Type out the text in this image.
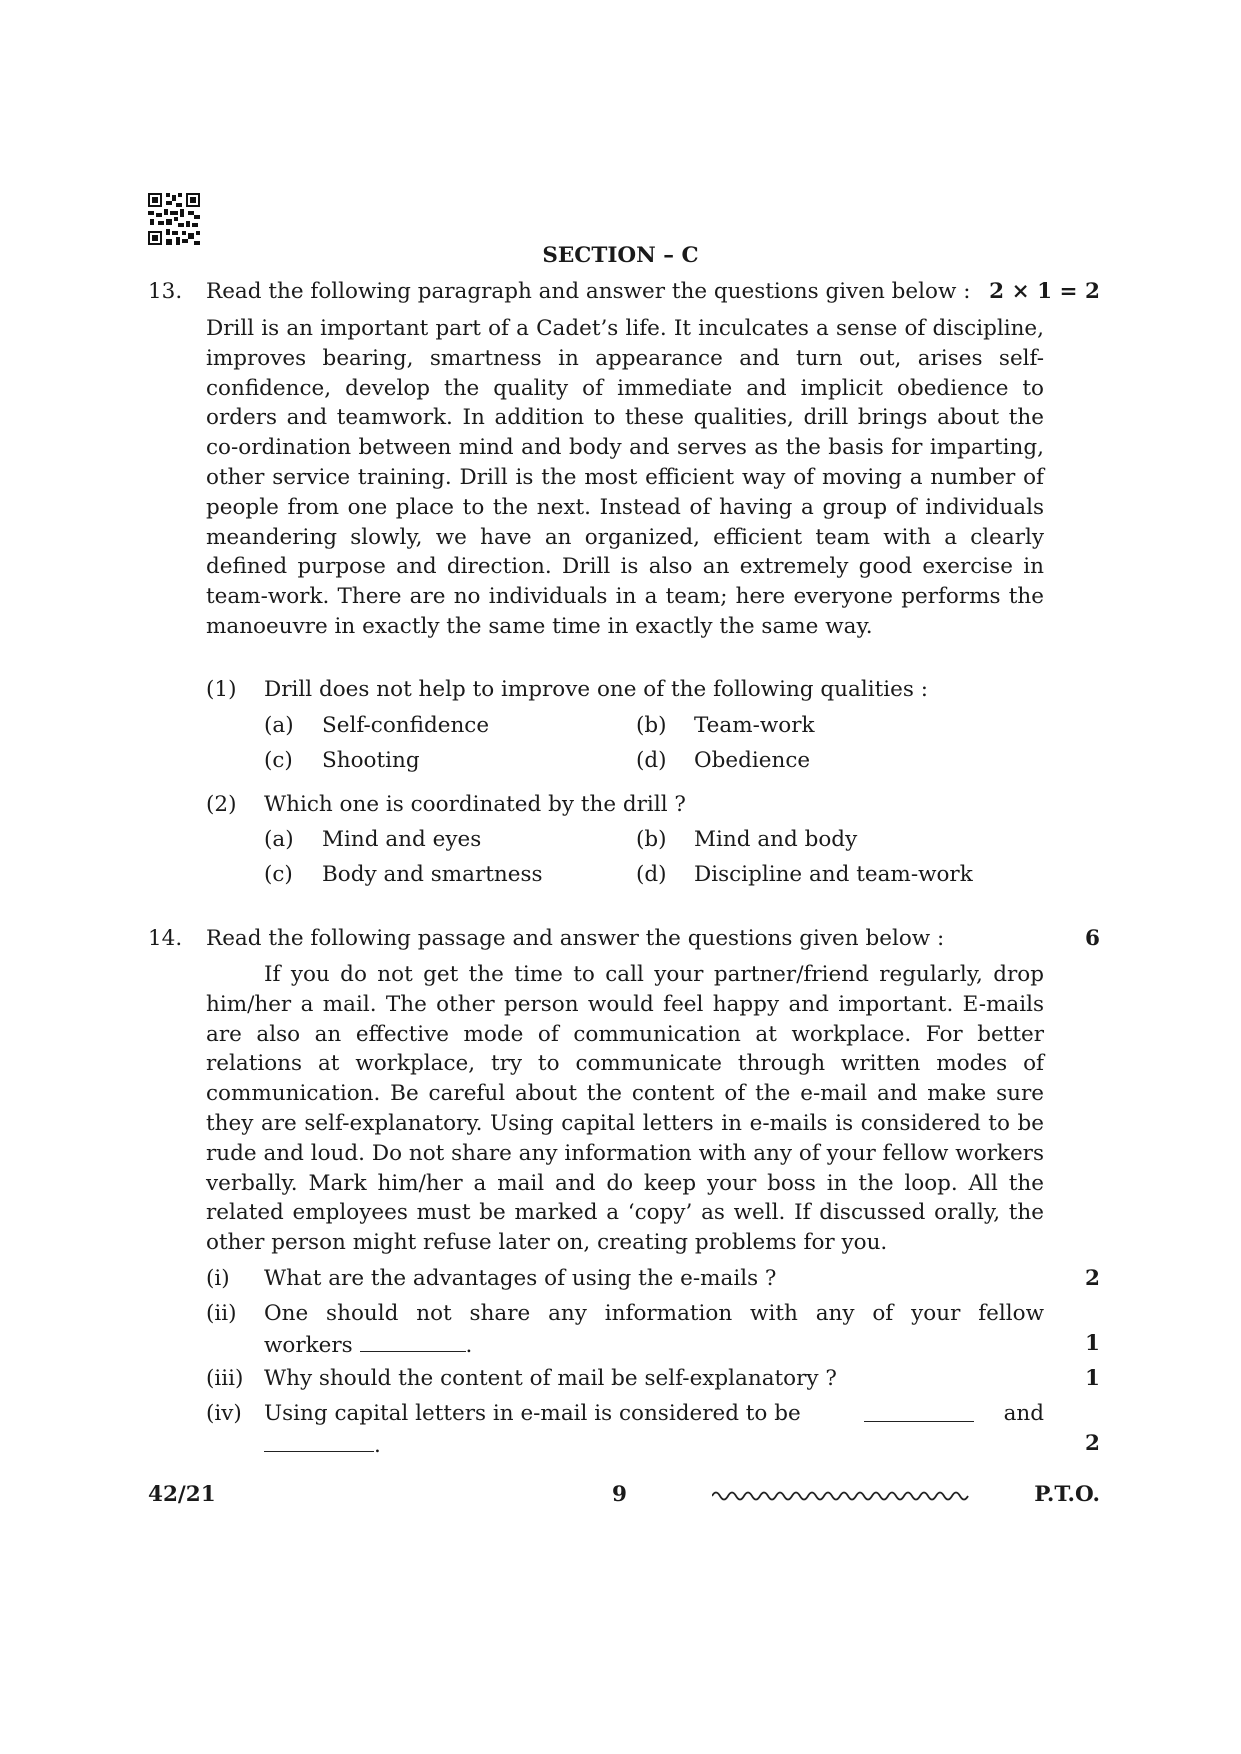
SECTION – C
13. Read the following paragraph and answer the questions given below : 2 × 1 = 2
Drill is an important part of a Cadet’s life. It inculcates a sense of discipline, improves bearing, smartness in appearance and turn out, arises self-confidence, develop the quality of immediate and implicit obedience to orders and teamwork. In addition to these qualities, drill brings about the co-ordination between mind and body and serves as the basis for imparting, other service training. Drill is the most efficient way of moving a number of people from one place to the next. Instead of having a group of individuals meandering slowly, we have an organized, efficient team with a clearly defined purpose and direction. Drill is also an extremely good exercise in team-work. There are no individuals in a team; here everyone performs the manoeuvre in exactly the same time in exactly the same way.
(1) Drill does not help to improve one of the following qualities :
(a) Self-confidence	(b) Team-work
(c) Shooting	(d) Obedience
(2) Which one is coordinated by the drill ?
(a) Mind and eyes	(b) Mind and body
(c) Body and smartness	(d) Discipline and team-work
14. Read the following passage and answer the questions given below :	6
If you do not get the time to call your partner/friend regularly, drop him/her a mail. The other person would feel happy and important. E-mails are also an effective mode of communication at workplace. For better relations at workplace, try to communicate through written modes of communication. Be careful about the content of the e-mail and make sure they are self-explanatory. Using capital letters in e-mails is considered to be rude and loud. Do not share any information with any of your fellow workers verbally. Mark him/her a mail and do keep your boss in the loop. All the related employees must be marked a ‘copy’ as well. If discussed orally, the other person might refuse later on, creating problems for you.
(i) What are the advantages of using the e-mails ?	2
(ii) One should not share any information with any of your fellow
workers	.	1
(iii) Why should the content of mail be self-explanatory ?	1
(iv) Using capital letters in e-mail is considered to be	and
.	2
42/21	9	P.T.O.
